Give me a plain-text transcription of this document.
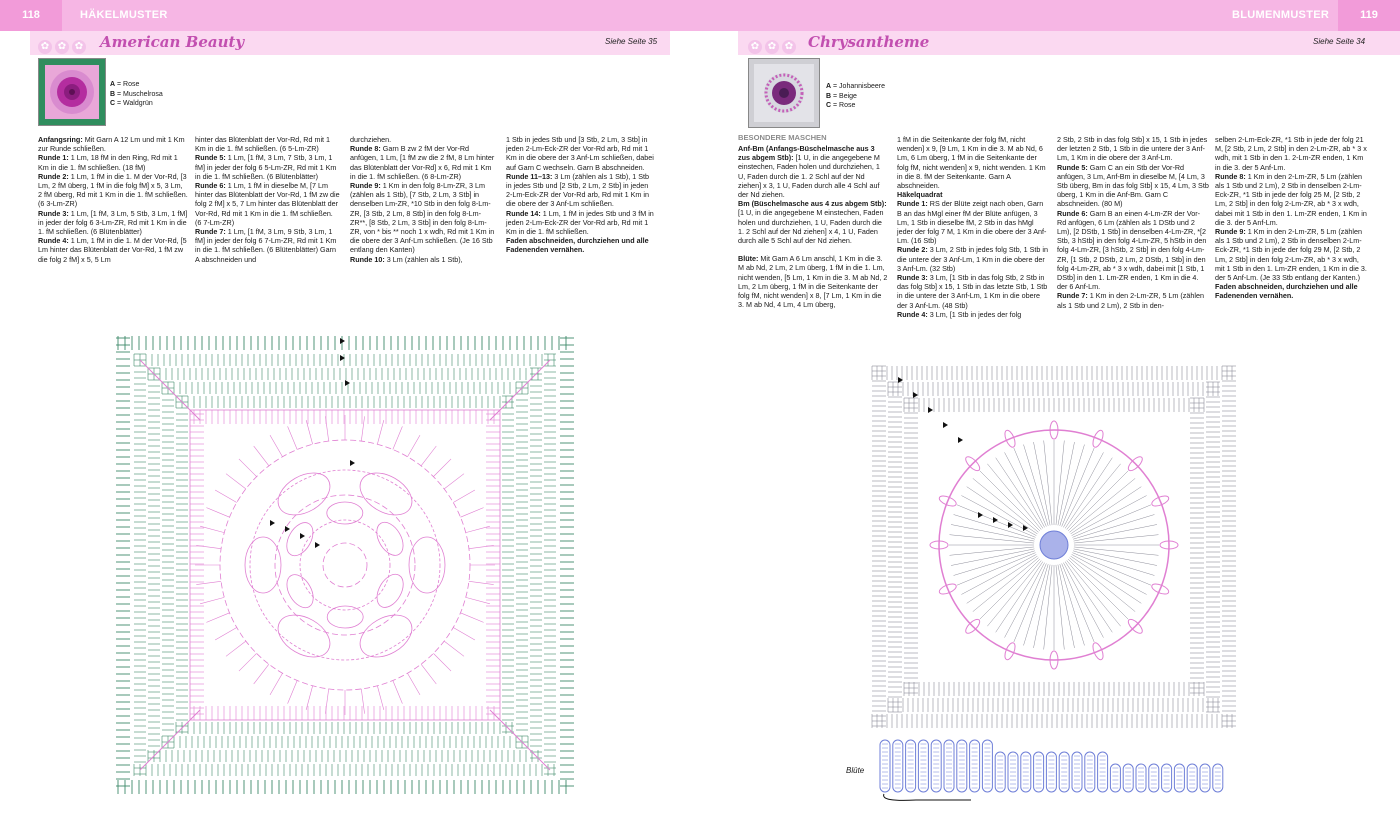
118	HÄKELMUSTER	119
BLUMENMUSTER
✿ ✿ ✿	American Beauty	Siehe Seite 35	✿ ✿ ✿ Chrysantheme	Siehe Seite 34
A = Rose
B = Muschelrosa
C = Waldgrün
A = Johannisbeere
B = Beige
C = Rose

Anfangsring: Mit Garn A 12 Lm und mit 1 Km zur Runde schließen.

Runde 1: 1 Lm, 18 fM in den Ring, Rd mit 1 Km in die 1. fM schließen. (18 fM)

Runde 2: 1 Lm, 1 fM in die 1. M der Vor-Rd, [3 Lm, 2 fM überg, 1 fM in die folg fM] x 5, 3 Lm, 2 fM überg, Rd mit 1 Km in die 1. fM schließen. (6 3-Lm-ZR)

Runde 3: 1 Lm, [1 fM, 3 Lm, 5 Stb, 3 Lm, 1 fM] in jeder der folg 6 3-Lm-ZR, Rd mit 1 Km in die 1. fM schließen. (6 Blütenblätter)

Runde 4: 1 Lm, 1 fM in die 1. M der Vor-Rd, [5 Lm hinter das Blütenblatt der Vor-Rd, 1 fM zw die folg 2 fM] x 5, 5 Lm

hinter das Blütenblatt der Vor-Rd, Rd mit 1 Km in die 1. fM schließen. (6 5-Lm-ZR)

Runde 5: 1 Lm, [1 fM, 3 Lm, 7 Stb, 3 Lm, 1 fM] in jeder der folg 6 5-Lm-ZR, Rd mit 1 Km in die 1. fM schließen. (6 Blütenblätter)

Runde 6: 1 Lm, 1 fM in dieselbe M, [7 Lm hinter das Blütenblatt der Vor-Rd, 1 fM zw die folg 2 fM] x 5, 7 Lm hinter das Blütenblatt der Vor-Rd, Rd mit 1 Km in die 1. fM schließen. (6 7-Lm-ZR)

Runde 7: 1 Lm, [1 fM, 3 Lm, 9 Stb, 3 Lm, 1 fM] in jeder der folg 6 7-Lm-ZR, Rd mit 1 Km in die 1. fM schließen. (6 Blütenblätter) Garn A abschneiden und

durchziehen.

Runde 8: Garn B zw 2 fM der Vor-Rd anfügen, 1 Lm, [1 fM zw die 2 fM, 8 Lm hinter das Blütenblatt der Vor-Rd] x 6, Rd mit 1 Km in die 1. fM schließen. (6 8-Lm-ZR)

Runde 9: 1 Km in den folg 8-Lm-ZR, 3 Lm (zählen als 1 Stb), [7 Stb, 2 Lm, 3 Stb] in denselben Lm-ZR, *10 Stb in den folg 8-Lm-ZR, [3 Stb, 2 Lm, 8 Stb] in den folg 8-Lm-ZR**, [8 Stb, 2 Lm, 3 Stb] in den folg 8-Lm-ZR, von * bis ** noch 1 x wdh, Rd mit 1 Km in die obere der 3 Anf-Lm schließen. (Je 16 Stb entlang den Kanten)

Runde 10: 3 Lm (zählen als 1 Stb),

1 Stb in jedes Stb und [3 Stb, 2 Lm, 3 Stb] in jeden 2-Lm-Eck-ZR der Vor-Rd arb, Rd mit 1 Km in die obere der 3 Anf-Lm schließen, dabei auf Garn C wechseln. Garn B abschneiden.

Runde 11–13: 3 Lm (zählen als 1 Stb), 1 Stb in jedes Stb und [2 Stb, 2 Lm, 2 Stb] in jeden 2-Lm-Eck-ZR der Vor-Rd arb, Rd mit 1 Km in die obere der 3 Anf-Lm schließen.

Runde 14: 1 Lm, 1 fM in jedes Stb und 3 fM in jeden 2-Lm-Eck-ZR der Vor-Rd arb, Rd mit 1 Km in die 1. fM schließen.

Faden abschneiden, durchziehen und alle Fadenenden vernähen.

BESONDERE MASCHEN

Anf-Bm (Anfangs-Büschelmasche aus 3 zus abgem Stb): [1 U, in die angegebene M einstechen, Faden holen und durchziehen, 1 U, Faden durch die 1. 2 Schl auf der Nd ziehen] x 3, 1 U, Faden durch alle 4 Schl auf der Nd ziehen.

Bm (Büschelmasche aus 4 zus abgem Stb): [1 U, in die angegebene M einstechen, Faden holen und durchziehen, 1 U, Faden durch die 1. 2 Schl auf der Nd ziehen] x 4, 1 U, Faden durch alle 5 Schl auf der Nd ziehen.

Blüte: Mit Garn A 6 Lm anschl, 1 Km in die 3. M ab Nd, 2 Lm, 2 Lm überg, 1 fM in die 1. Lm, nicht wenden, [5 Lm, 1 Km in die 3. M ab Nd, 2 Lm, 2 Lm überg, 1 fM in die Seitenkante der folg fM, nicht wenden] x 8, [7 Lm, 1 Km in die 3. M ab Nd, 4 Lm, 4 Lm überg,

1 fM in die Seitenkante der folg fM, nicht wenden] x 9, [9 Lm, 1 Km in die 3. M ab Nd, 6 Lm, 6 Lm überg, 1 fM in die Seitenkante der folg fM, nicht wenden] x 9, nicht wenden. 1 Km in die 8. fM der Seitenkante. Garn A abschneiden.

Häkelquadrat

Runde 1: RS der Blüte zeigt nach oben, Garn B an das hMgl einer fM der Blüte anfügen, 3 Lm, 1 Stb in dieselbe fM, 2 Stb in das hMgl jeder der folg 7 M, 1 Km in die obere der 3 Anf-Lm. (16 Stb)

Runde 2: 3 Lm, 2 Stb in jedes folg Stb, 1 Stb in die untere der 3 Anf-Lm, 1 Km in die obere der 3 Anf-Lm. (32 Stb)

Runde 3: 3 Lm, [1 Stb in das folg Stb, 2 Stb in das folg Stb] x 15, 1 Stb in das letzte Stb, 1 Stb in die untere der 3 Anf-Lm, 1 Km in die obere der 3 Anf-Lm. (48 Stb)

Runde 4: 3 Lm, [1 Stb in jedes der folg

2 Stb, 2 Stb in das folg Stb] x 15, 1 Stb in jedes der letzten 2 Stb, 1 Stb in die untere der 3 Anf-Lm, 1 Km in die obere der 3 Anf-Lm.

Runde 5: Garn C an ein Stb der Vor-Rd anfügen, 3 Lm, Anf-Bm in dieselbe M, [4 Lm, 3 Stb überg, Bm in das folg Stb] x 15, 4 Lm, 3 Stb überg, 1 Km in die Anf-Bm. Garn C abschneiden. (80 M)

Runde 6: Garn B an einen 4-Lm-ZR der Vor-Rd anfügen, 6 Lm (zählen als 1 DStb und 2 Lm), [2 DStb, 1 Stb] in denselben 4-Lm-ZR, *[2 Stb, 3 hStb] in den folg 4-Lm-ZR, 5 hStb in den folg 4-Lm-ZR, [3 hStb, 2 Stb] in den folg 4-Lm-ZR, [1 Stb, 2 DStb, 2 Lm, 2 DStb, 1 Stb] in den folg 4-Lm-ZR, ab * 3 x wdh, dabei mit [1 Stb, 1 DStb] in den 1. Lm-ZR enden, 1 Km in die 4. der 6 Anf-Lm.

Runde 7: 1 Km in den 2-Lm-ZR, 5 Lm (zählen als 1 Stb und 2 Lm), 2 Stb in den-

selben 2-Lm-Eck-ZR, *1 Stb in jede der folg 21 M, [2 Stb, 2 Lm, 2 Stb] in den 2-Lm-ZR, ab * 3 x wdh, mit 1 Stb in den 1. 2-Lm-ZR enden, 1 Km in die 3. der 5 Anf-Lm.

Runde 8: 1 Km in den 2-Lm-ZR, 5 Lm (zählen als 1 Stb und 2 Lm), 2 Stb in denselben 2-Lm-Eck-ZR, *1 Stb in jede der folg 25 M, [2 Stb, 2 Lm, 2 Stb] in den folg 2-Lm-ZR, ab * 3 x wdh, dabei mit 1 Stb in den 1. Lm-ZR enden, 1 Km in die 3. der 5 Anf-Lm.

Runde 9: 1 Km in den 2-Lm-ZR, 5 Lm (zählen als 1 Stb und 2 Lm), 2 Stb in denselben 2-Lm-Eck-ZR, *1 Stb in jede der folg 29 M, [2 Stb, 2 Lm, 2 Stb] in den folg 2-Lm-ZR, ab * 3 x wdh, mit 1 Stb in den 1. Lm-ZR enden, 1 Km in die 3. der 5 Anf-Lm. (Je 33 Stb entlang der Kanten.)

Faden abschneiden, durchziehen und alle Fadenenden vernähen.

Blüte
